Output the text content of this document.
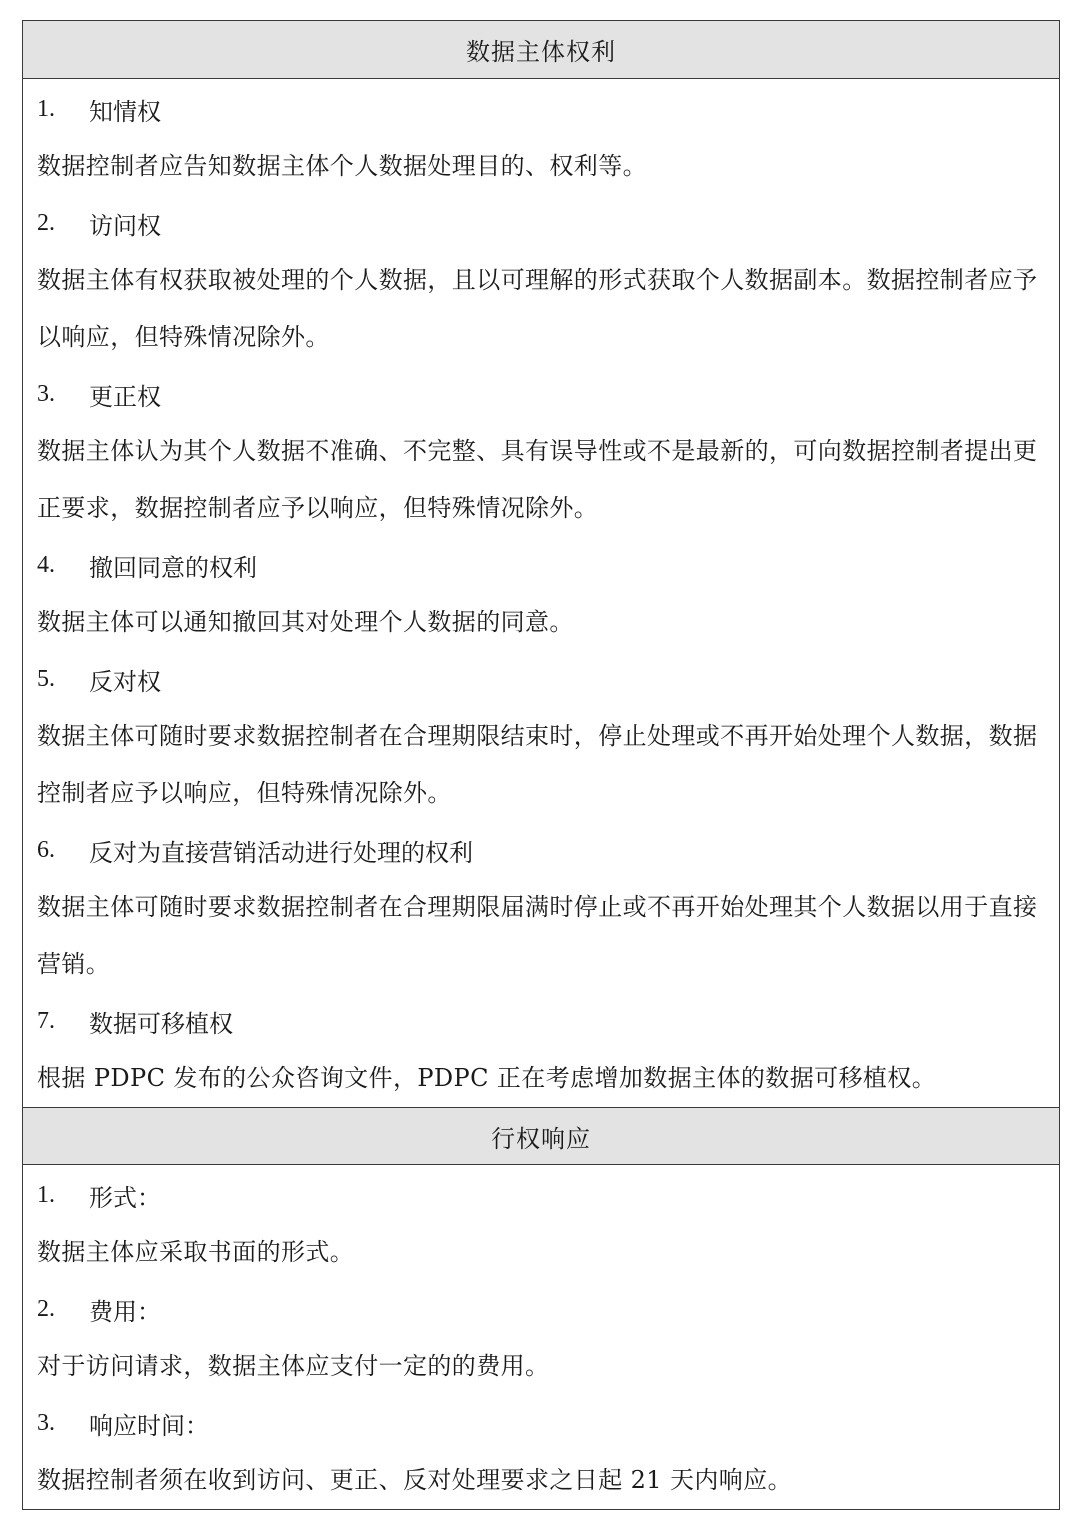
数据主体权利
1.	知情权
数据控制者应告知数据主体个人数据处理目的、权利等。
2.	访问权
数据主体有权获取被处理的个人数据，且以可理解的形式获取个人数据副本。数据控制者应予以响应，但特殊情况除外。
3.	更正权
数据主体认为其个人数据不准确、不完整、具有误导性或不是最新的，可向数据控制者提出更正要求，数据控制者应予以响应，但特殊情况除外。
4.	撤回同意的权利
数据主体可以通知撤回其对处理个人数据的同意。
5.	反对权
数据主体可随时要求数据控制者在合理期限结束时，停止处理或不再开始处理个人数据，数据控制者应予以响应，但特殊情况除外。
6.	反对为直接营销活动进行处理的权利
数据主体可随时要求数据控制者在合理期限届满时停止或不再开始处理其个人数据以用于直接营销。
7.	数据可移植权
根据 PDPC 发布的公众咨询文件，PDPC 正在考虑增加数据主体的数据可移植权。
行权响应
1.	形式：
数据主体应采取书面的形式。
2.	费用：
对于访问请求，数据主体应支付一定的的费用。
3.	响应时间：
数据控制者须在收到访问、更正、反对处理要求之日起 21 天内响应。
